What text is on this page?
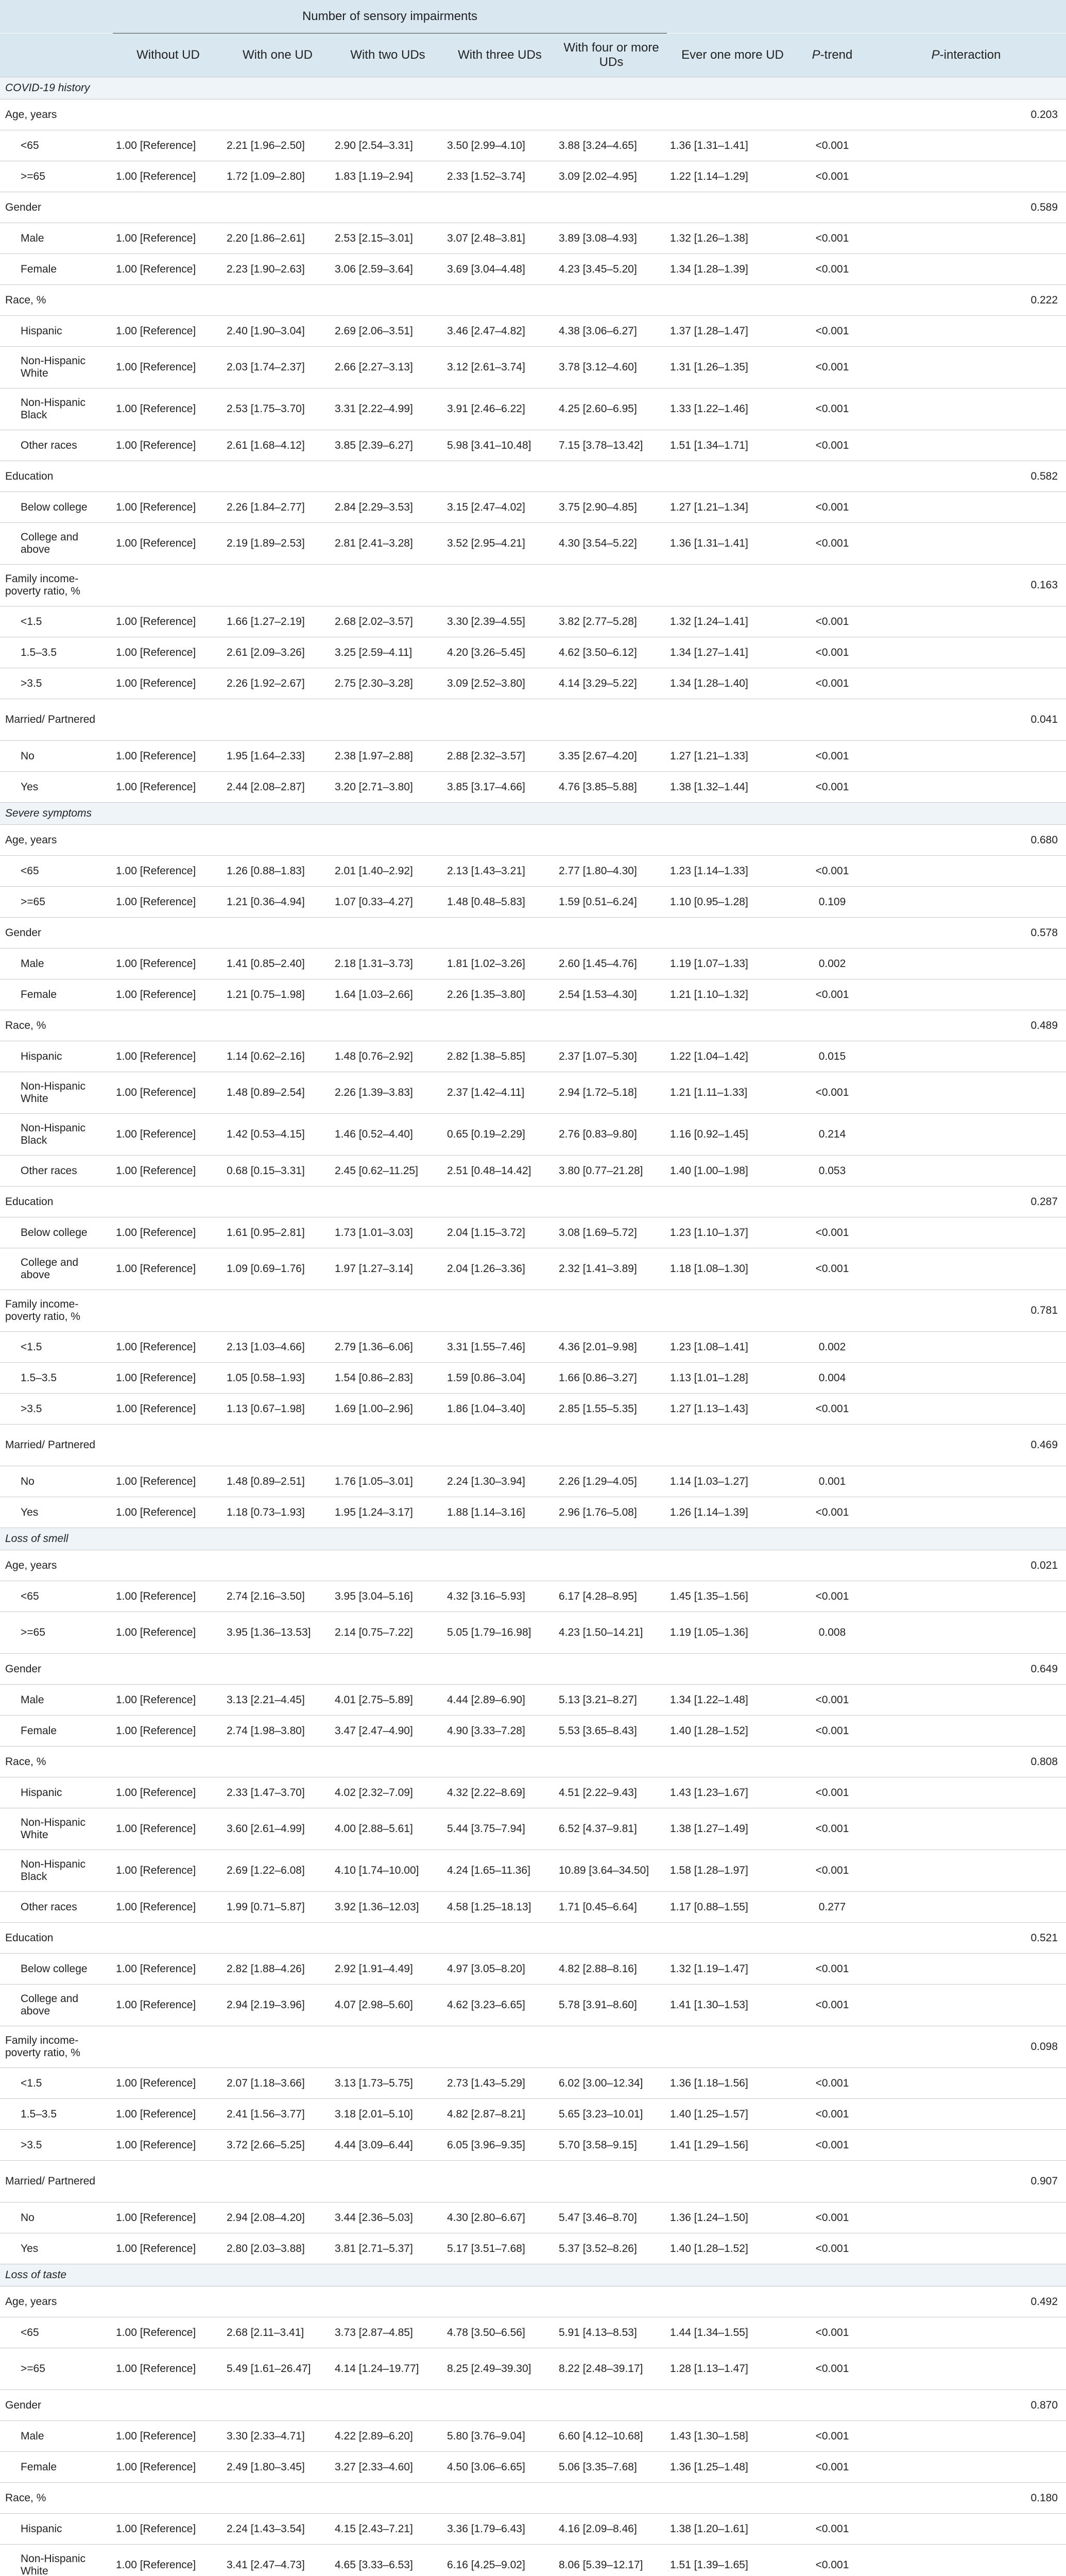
	Number of sensory impairments							
	Without UD	With one UD	With two UDs	With three UDs	With four or more UDs	Ever one more UD	P-trend	P-interaction
COVID-19 history								
Age, years								0.203
<65	1.00 [Reference]	2.21 [1.96–2.50]	2.90 [2.54–3.31]	3.50 [2.99–4.10]	3.88 [3.24–4.65]	1.36 [1.31–1.41]	<0.001	
>=65	1.00 [Reference]	1.72 [1.09–2.80]	1.83 [1.19–2.94]	2.33 [1.52–3.74]	3.09 [2.02–4.95]	1.22 [1.14–1.29]	<0.001	
Gender								0.589
Male	1.00 [Reference]	2.20 [1.86–2.61]	2.53 [2.15–3.01]	3.07 [2.48–3.81]	3.89 [3.08–4.93]	1.32 [1.26–1.38]	<0.001	
Female	1.00 [Reference]	2.23 [1.90–2.63]	3.06 [2.59–3.64]	3.69 [3.04–4.48]	4.23 [3.45–5.20]	1.34 [1.28–1.39]	<0.001	
Race, %								0.222
Hispanic	1.00 [Reference]	2.40 [1.90–3.04]	2.69 [2.06–3.51]	3.46 [2.47–4.82]	4.38 [3.06–6.27]	1.37 [1.28–1.47]	<0.001	
Non-Hispanic White	1.00 [Reference]	2.03 [1.74–2.37]	2.66 [2.27–3.13]	3.12 [2.61–3.74]	3.78 [3.12–4.60]	1.31 [1.26–1.35]	<0.001	
Non-Hispanic Black	1.00 [Reference]	2.53 [1.75–3.70]	3.31 [2.22–4.99]	3.91 [2.46–6.22]	4.25 [2.60–6.95]	1.33 [1.22–1.46]	<0.001	
Other races	1.00 [Reference]	2.61 [1.68–4.12]	3.85 [2.39–6.27]	5.98 [3.41–10.48]	7.15 [3.78–13.42]	1.51 [1.34–1.71]	<0.001	
Education								0.582
Below college	1.00 [Reference]	2.26 [1.84–2.77]	2.84 [2.29–3.53]	3.15 [2.47–4.02]	3.75 [2.90–4.85]	1.27 [1.21–1.34]	<0.001	
College and above	1.00 [Reference]	2.19 [1.89–2.53]	2.81 [2.41–3.28]	3.52 [2.95–4.21]	4.30 [3.54–5.22]	1.36 [1.31–1.41]	<0.001	
Family income-poverty ratio, %								0.163
<1.5	1.00 [Reference]	1.66 [1.27–2.19]	2.68 [2.02–3.57]	3.30 [2.39–4.55]	3.82 [2.77–5.28]	1.32 [1.24–1.41]	<0.001	
1.5–3.5	1.00 [Reference]	2.61 [2.09–3.26]	3.25 [2.59–4.11]	4.20 [3.26–5.45]	4.62 [3.50–6.12]	1.34 [1.27–1.41]	<0.001	
>3.5	1.00 [Reference]	2.26 [1.92–2.67]	2.75 [2.30–3.28]	3.09 [2.52–3.80]	4.14 [3.29–5.22]	1.34 [1.28–1.40]	<0.001	
Married/ Partnered								0.041
No	1.00 [Reference]	1.95 [1.64–2.33]	2.38 [1.97–2.88]	2.88 [2.32–3.57]	3.35 [2.67–4.20]	1.27 [1.21–1.33]	<0.001	
Yes	1.00 [Reference]	2.44 [2.08–2.87]	3.20 [2.71–3.80]	3.85 [3.17–4.66]	4.76 [3.85–5.88]	1.38 [1.32–1.44]	<0.001	
Severe symptoms								
Age, years								0.680
<65	1.00 [Reference]	1.26 [0.88–1.83]	2.01 [1.40–2.92]	2.13 [1.43–3.21]	2.77 [1.80–4.30]	1.23 [1.14–1.33]	<0.001	
>=65	1.00 [Reference]	1.21 [0.36–4.94]	1.07 [0.33–4.27]	1.48 [0.48–5.83]	1.59 [0.51–6.24]	1.10 [0.95–1.28]	0.109	
Gender								0.578
Male	1.00 [Reference]	1.41 [0.85–2.40]	2.18 [1.31–3.73]	1.81 [1.02–3.26]	2.60 [1.45–4.76]	1.19 [1.07–1.33]	0.002	
Female	1.00 [Reference]	1.21 [0.75–1.98]	1.64 [1.03–2.66]	2.26 [1.35–3.80]	2.54 [1.53–4.30]	1.21 [1.10–1.32]	<0.001	
Race, %								0.489
Hispanic	1.00 [Reference]	1.14 [0.62–2.16]	1.48 [0.76–2.92]	2.82 [1.38–5.85]	2.37 [1.07–5.30]	1.22 [1.04–1.42]	0.015	
Non-Hispanic White	1.00 [Reference]	1.48 [0.89–2.54]	2.26 [1.39–3.83]	2.37 [1.42–4.11]	2.94 [1.72–5.18]	1.21 [1.11–1.33]	<0.001	
Non-Hispanic Black	1.00 [Reference]	1.42 [0.53–4.15]	1.46 [0.52–4.40]	0.65 [0.19–2.29]	2.76 [0.83–9.80]	1.16 [0.92–1.45]	0.214	
Other races	1.00 [Reference]	0.68 [0.15–3.31]	2.45 [0.62–11.25]	2.51 [0.48–14.42]	3.80 [0.77–21.28]	1.40 [1.00–1.98]	0.053	
Education								0.287
Below college	1.00 [Reference]	1.61 [0.95–2.81]	1.73 [1.01–3.03]	2.04 [1.15–3.72]	3.08 [1.69–5.72]	1.23 [1.10–1.37]	<0.001	
College and above	1.00 [Reference]	1.09 [0.69–1.76]	1.97 [1.27–3.14]	2.04 [1.26–3.36]	2.32 [1.41–3.89]	1.18 [1.08–1.30]	<0.001	
Family income-poverty ratio, %								0.781
<1.5	1.00 [Reference]	2.13 [1.03–4.66]	2.79 [1.36–6.06]	3.31 [1.55–7.46]	4.36 [2.01–9.98]	1.23 [1.08–1.41]	0.002	
1.5–3.5	1.00 [Reference]	1.05 [0.58–1.93]	1.54 [0.86–2.83]	1.59 [0.86–3.04]	1.66 [0.86–3.27]	1.13 [1.01–1.28]	0.004	
>3.5	1.00 [Reference]	1.13 [0.67–1.98]	1.69 [1.00–2.96]	1.86 [1.04–3.40]	2.85 [1.55–5.35]	1.27 [1.13–1.43]	<0.001	
Married/ Partnered								0.469
No	1.00 [Reference]	1.48 [0.89–2.51]	1.76 [1.05–3.01]	2.24 [1.30–3.94]	2.26 [1.29–4.05]	1.14 [1.03–1.27]	0.001	
Yes	1.00 [Reference]	1.18 [0.73–1.93]	1.95 [1.24–3.17]	1.88 [1.14–3.16]	2.96 [1.76–5.08]	1.26 [1.14–1.39]	<0.001	
Loss of smell								
Age, years								0.021
<65	1.00 [Reference]	2.74 [2.16–3.50]	3.95 [3.04–5.16]	4.32 [3.16–5.93]	6.17 [4.28–8.95]	1.45 [1.35–1.56]	<0.001	
>=65	1.00 [Reference]	3.95 [1.36–13.53]	2.14 [0.75–7.22]	5.05 [1.79–16.98]	4.23 [1.50–14.21]	1.19 [1.05–1.36]	0.008	
Gender								0.649
Male	1.00 [Reference]	3.13 [2.21–4.45]	4.01 [2.75–5.89]	4.44 [2.89–6.90]	5.13 [3.21–8.27]	1.34 [1.22–1.48]	<0.001	
Female	1.00 [Reference]	2.74 [1.98–3.80]	3.47 [2.47–4.90]	4.90 [3.33–7.28]	5.53 [3.65–8.43]	1.40 [1.28–1.52]	<0.001	
Race, %								0.808
Hispanic	1.00 [Reference]	2.33 [1.47–3.70]	4.02 [2.32–7.09]	4.32 [2.22–8.69]	4.51 [2.22–9.43]	1.43 [1.23–1.67]	<0.001	
Non-Hispanic White	1.00 [Reference]	3.60 [2.61–4.99]	4.00 [2.88–5.61]	5.44 [3.75–7.94]	6.52 [4.37–9.81]	1.38 [1.27–1.49]	<0.001	
Non-Hispanic Black	1.00 [Reference]	2.69 [1.22–6.08]	4.10 [1.74–10.00]	4.24 [1.65–11.36]	10.89 [3.64–34.50]	1.58 [1.28–1.97]	<0.001	
Other races	1.00 [Reference]	1.99 [0.71–5.87]	3.92 [1.36–12.03]	4.58 [1.25–18.13]	1.71 [0.45–6.64]	1.17 [0.88–1.55]	0.277	
Education								0.521
Below college	1.00 [Reference]	2.82 [1.88–4.26]	2.92 [1.91–4.49]	4.97 [3.05–8.20]	4.82 [2.88–8.16]	1.32 [1.19–1.47]	<0.001	
College and above	1.00 [Reference]	2.94 [2.19–3.96]	4.07 [2.98–5.60]	4.62 [3.23–6.65]	5.78 [3.91–8.60]	1.41 [1.30–1.53]	<0.001	
Family income-poverty ratio, %								0.098
<1.5	1.00 [Reference]	2.07 [1.18–3.66]	3.13 [1.73–5.75]	2.73 [1.43–5.29]	6.02 [3.00–12.34]	1.36 [1.18–1.56]	<0.001	
1.5–3.5	1.00 [Reference]	2.41 [1.56–3.77]	3.18 [2.01–5.10]	4.82 [2.87–8.21]	5.65 [3.23–10.01]	1.40 [1.25–1.57]	<0.001	
>3.5	1.00 [Reference]	3.72 [2.66–5.25]	4.44 [3.09–6.44]	6.05 [3.96–9.35]	5.70 [3.58–9.15]	1.41 [1.29–1.56]	<0.001	
Married/ Partnered								0.907
No	1.00 [Reference]	2.94 [2.08–4.20]	3.44 [2.36–5.03]	4.30 [2.80–6.67]	5.47 [3.46–8.70]	1.36 [1.24–1.50]	<0.001	
Yes	1.00 [Reference]	2.80 [2.03–3.88]	3.81 [2.71–5.37]	5.17 [3.51–7.68]	5.37 [3.52–8.26]	1.40 [1.28–1.52]	<0.001	
Loss of taste								
Age, years								0.492
<65	1.00 [Reference]	2.68 [2.11–3.41]	3.73 [2.87–4.85]	4.78 [3.50–6.56]	5.91 [4.13–8.53]	1.44 [1.34–1.55]	<0.001	
>=65	1.00 [Reference]	5.49 [1.61–26.47]	4.14 [1.24–19.77]	8.25 [2.49–39.30]	8.22 [2.48–39.17]	1.28 [1.13–1.47]	<0.001	
Gender								0.870
Male	1.00 [Reference]	3.30 [2.33–4.71]	4.22 [2.89–6.20]	5.80 [3.76–9.04]	6.60 [4.12–10.68]	1.43 [1.30–1.58]	<0.001	
Female	1.00 [Reference]	2.49 [1.80–3.45]	3.27 [2.33–4.60]	4.50 [3.06–6.65]	5.06 [3.35–7.68]	1.36 [1.25–1.48]	<0.001	
Race, %								0.180
Hispanic	1.00 [Reference]	2.24 [1.43–3.54]	4.15 [2.43–7.21]	3.36 [1.79–6.43]	4.16 [2.09–8.46]	1.38 [1.20–1.61]	<0.001	
Non-Hispanic White	1.00 [Reference]	3.41 [2.47–4.73]	4.65 [3.33–6.53]	6.16 [4.25–9.02]	8.06 [5.39–12.17]	1.51 [1.39–1.65]	<0.001	
